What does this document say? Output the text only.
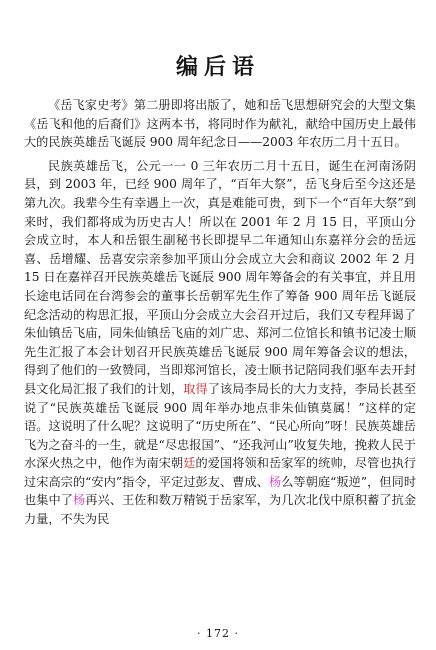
编后语

《岳飞家史考》第二册即将出版了，她和岳飞思想研究会的大型文集《岳飞和他的后裔们》这两本书，将同时作为献礼，献给中国历史上最伟大的民族英雄岳飞诞辰 900 周年纪念日——2003 年农历二月十五日。

民族英雄岳飞，公元一一 0 三年农历二月十五日，诞生在河南汤阴县，到 2003 年，已经 900 周年了，“百年大祭”，岳飞身后至今这还是第九次。我辈今生有幸遇上一次，真是难能可贵，到下一个“百年大祭”到来时，我们都将成为历史古人！所以在 2001 年 2 月 15 日，平顶山分会成立时，本人和岳银生副秘书长即提早二年通知山东嘉祥分会的岳远喜、岳增耀、岳喜安宗亲参加平顶山分会成立大会和商议 2002 年 2 月 15 日在嘉祥召开民族英雄岳飞诞辰 900 周年筹备会的有关事宜，并且用长途电话同在台湾参会的董事长岳朝军先生作了筹备 900 周年岳飞诞辰纪念活动的构思汇报，平顶山分会成立大会召开过后，我们又专程拜谒了朱仙镇岳飞庙，同朱仙镇岳飞庙的刘广忠、郑河二位馆长和镇书记凌士顺先生汇报了本会计划召开民族英雄岳飞诞辰 900 周年筹备会议的想法，得到了他们的一致赞同，当即郑河馆长，凌士顺书记陪同我们驱车去开封县文化局汇报了我们的计划，取得了该局李局长的大力支持，李局长甚至说了“民族英雄岳飞诞辰 900 周年举办地点非朱仙镇莫属！”这样的定语。这说明了什么呢？这说明了“历史所在”、“民心所向”呀！民族英雄岳飞为之奋斗的一生，就是“尽忠报国”、“还我河山”收复失地，挽救人民于水深火热之中，他作为南宋朝廷的爱国将领和岳家军的统帅，尽管也执行过宋高宗的“安内”指令，平定过彭友、曹成、杨么等朝庭“叛逆”，但同时也集中了杨再兴、王佐和数万精锐于岳家军，为几次北伐中原积蓄了抗金力量，不失为民

· 172 ·
